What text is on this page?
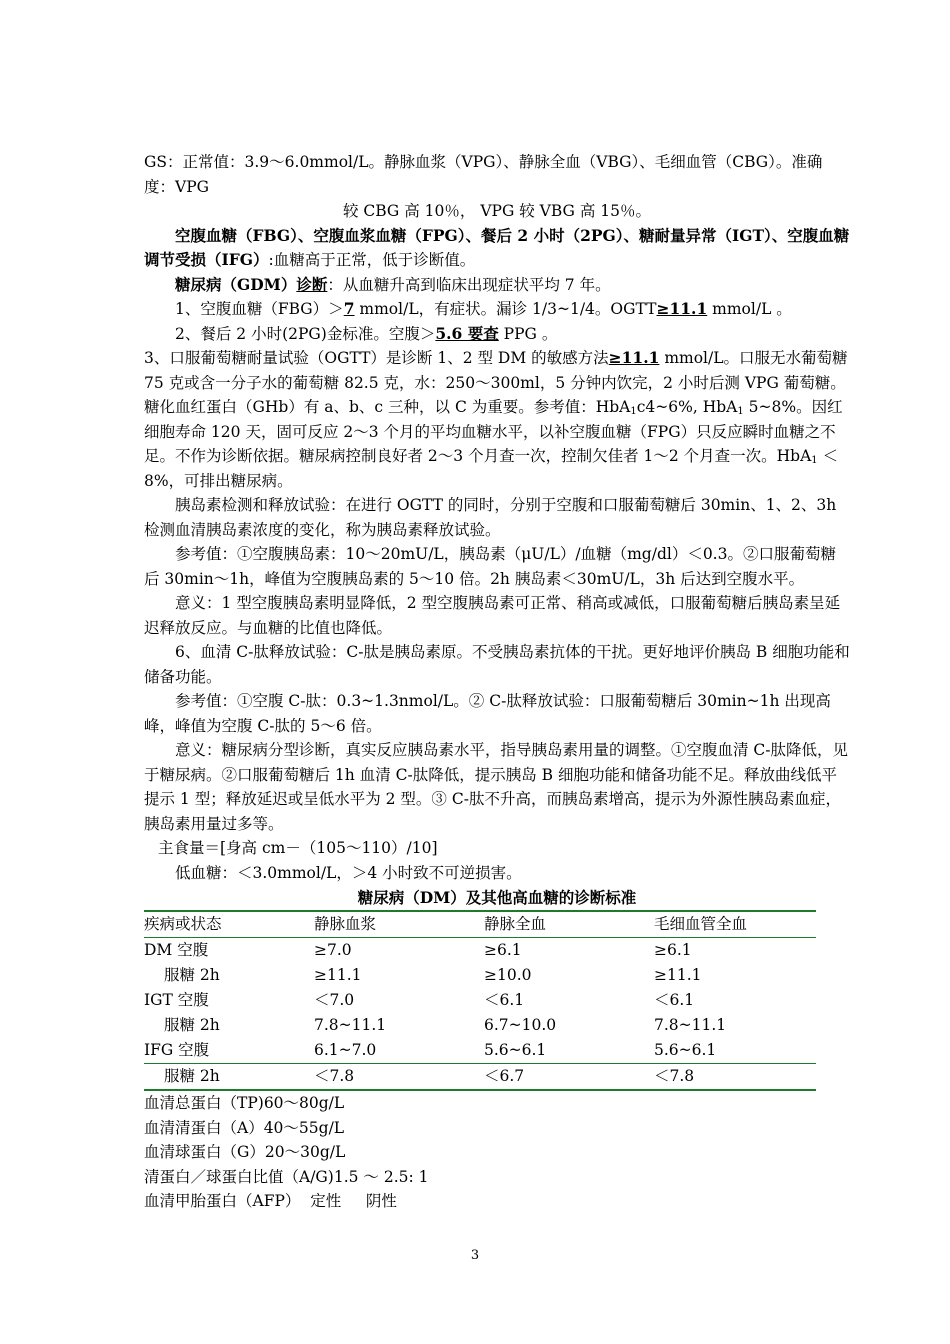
GS：正常值：3.9～6.0mmol/L。静脉血浆（VPG）、静脉全血（VBG）、毛细血管（CBG）。准确度：VPG

较 CBG 高 10％， VPG 较 VBG 高 15％。

空腹血糖（FBG）、空腹血浆血糖（FPG）、餐后 2 小时（2PG）、糖耐量异常（IGT）、空腹血糖调节受损（IFG）:血糖高于正常，低于诊断值。

糖尿病（GDM）诊断：从血糖升高到临床出现症状平均 7 年。

1、空腹血糖（FBG）＞7 mmol/L，有症状。漏诊 1/3~1/4。OGTT≥11.1 mmol/L 。

2、餐后 2 小时(2PG)金标准。空腹＞5.6 要查 PPG 。

3、口服葡萄糖耐量试验（OGTT）是诊断 1、2 型 DM 的敏感方法≥11.1 mmol/L。口服无水葡萄糖 75 克或含一分子水的葡萄糖 82.5 克，水：250～300ml，5 分钟内饮完，2 小时后测 VPG 葡萄糖。

糖化血红蛋白（GHb）有 a、b、c 三种，以 C 为重要。参考值：HbA$_1$c4~6%, HbA$_1$ 5~8%。因红细胞寿命 120 天，固可反应 2～3 个月的平均血糖水平，以补空腹血糖（FPG）只反应瞬时血糖之不足。不作为诊断依据。糖尿病控制良好者 2～3 个月查一次，控制欠佳者 1～2 个月查一次。HbA$_1$ ＜8%，可排出糖尿病。

胰岛素检测和释放试验：在进行 OGTT 的同时，分别于空腹和口服葡萄糖后 30min、1、2、3h 检测血清胰岛素浓度的变化，称为胰岛素释放试验。

参考值：①空腹胰岛素：10～20mU/L，胰岛素（μU/L）/血糖（mg/dl）＜0.3。②口服葡萄糖后 30min～1h，峰值为空腹胰岛素的 5～10 倍。2h 胰岛素＜30mU/L，3h 后达到空腹水平。

意义：1 型空腹胰岛素明显降低，2 型空腹胰岛素可正常、稍高或减低，口服葡萄糖后胰岛素呈延迟释放反应。与血糖的比值也降低。

6、血清 C-肽释放试验：C-肽是胰岛素原。不受胰岛素抗体的干扰。更好地评价胰岛 B 细胞功能和储备功能。

参考值：①空腹 C-肽：0.3~1.3nmol/L。② C-肽释放试验：口服葡萄糖后 30min~1h 出现高峰，峰值为空腹 C-肽的 5～6 倍。

意义：糖尿病分型诊断，真实反应胰岛素水平，指导胰岛素用量的调整。①空腹血清 C-肽降低，见于糖尿病。②口服葡萄糖后 1h 血清 C-肽降低，提示胰岛 B 细胞功能和储备功能不足。释放曲线低平提示 1 型；释放延迟或呈低水平为 2 型。③ C-肽不升高，而胰岛素增高，提示为外源性胰岛素血症，胰岛素用量过多等。

主食量＝[身高 cm－（105～110）/10]

低血糖：＜3.0mmol/L，＞4 小时致不可逆损害。

糖尿病（DM）及其他高血糖的诊断标准

疾病或状态	静脉血浆	静脉全血	毛细血管全血
DM 空腹	≥7.0	≥6.1	≥6.1
服糖 2h	≥11.1	≥10.0	≥11.1
IGT 空腹	＜7.0	＜6.1	＜6.1
服糖 2h	7.8~11.1	6.7~10.0	7.8~11.1
IFG 空腹	6.1~7.0	5.6~6.1	5.6~6.1
服糖 2h	＜7.8	＜6.7	＜7.8

血清总蛋白（TP)60～80g/L

血清清蛋白（A）40～55g/L

血清球蛋白（G）20～30g/L

清蛋白／球蛋白比值（A/G)1.5 ～ 2.5: 1

血清甲胎蛋白（AFP）  定性     阴性

3
